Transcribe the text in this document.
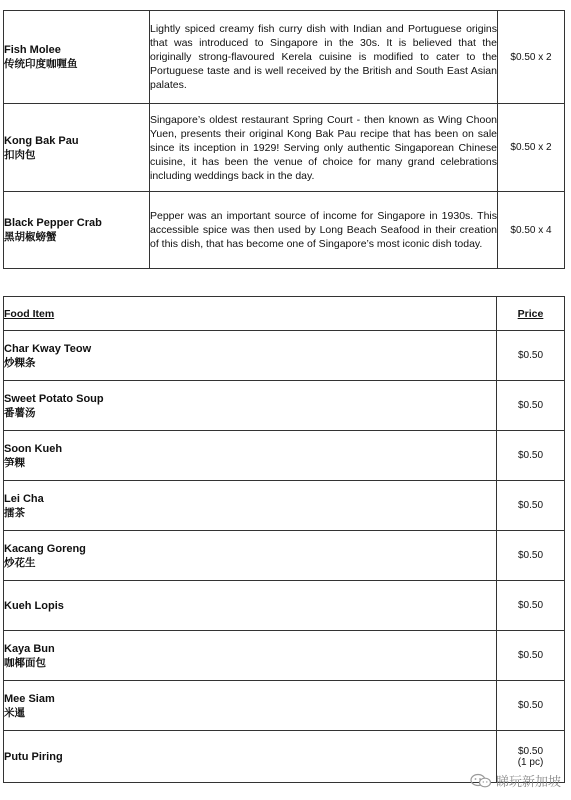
Fish Molee
传统印度咖喱鱼	Lightly spiced creamy fish curry dish with Indian and Portuguese origins that was introduced to Singapore in the 30s. It is believed that the originally strong-flavoured Kerela cuisine is modified to cater to the Portuguese taste and is well received by the British and South East Asian palates.	$0.50 x 2
Kong Bak Pau
扣肉包	Singapore’s oldest restaurant Spring Court - then known as Wing Choon Yuen, presents their original Kong Bak Pau recipe that has been on sale since its inception in 1929! Serving only authentic Singaporean Chinese cuisine, it has been the venue of choice for many grand celebrations including weddings back in the day.	$0.50 x 2
Black Pepper Crab
黑胡椒螃蟹	Pepper was an important source of income for Singapore in 1930s. This accessible spice was then used by Long Beach Seafood in their creation of this dish, that has become one of Singapore’s most iconic dish today.	$0.50 x 4
Food Item	Price
Char Kway Teow
炒粿条	$0.50

Sweet Potato Soup
番薯汤	$0.50

Soon Kueh
笋粿	$0.50

Lei Cha
擂茶	$0.50

Kacang Goreng
炒花生	$0.50

Kueh Lopis	$0.50

Kaya Bun
咖椰面包	$0.50

Mee Siam
米暹	$0.50

Putu Piring	$0.50
(1 pc)
睇玩新加坡
